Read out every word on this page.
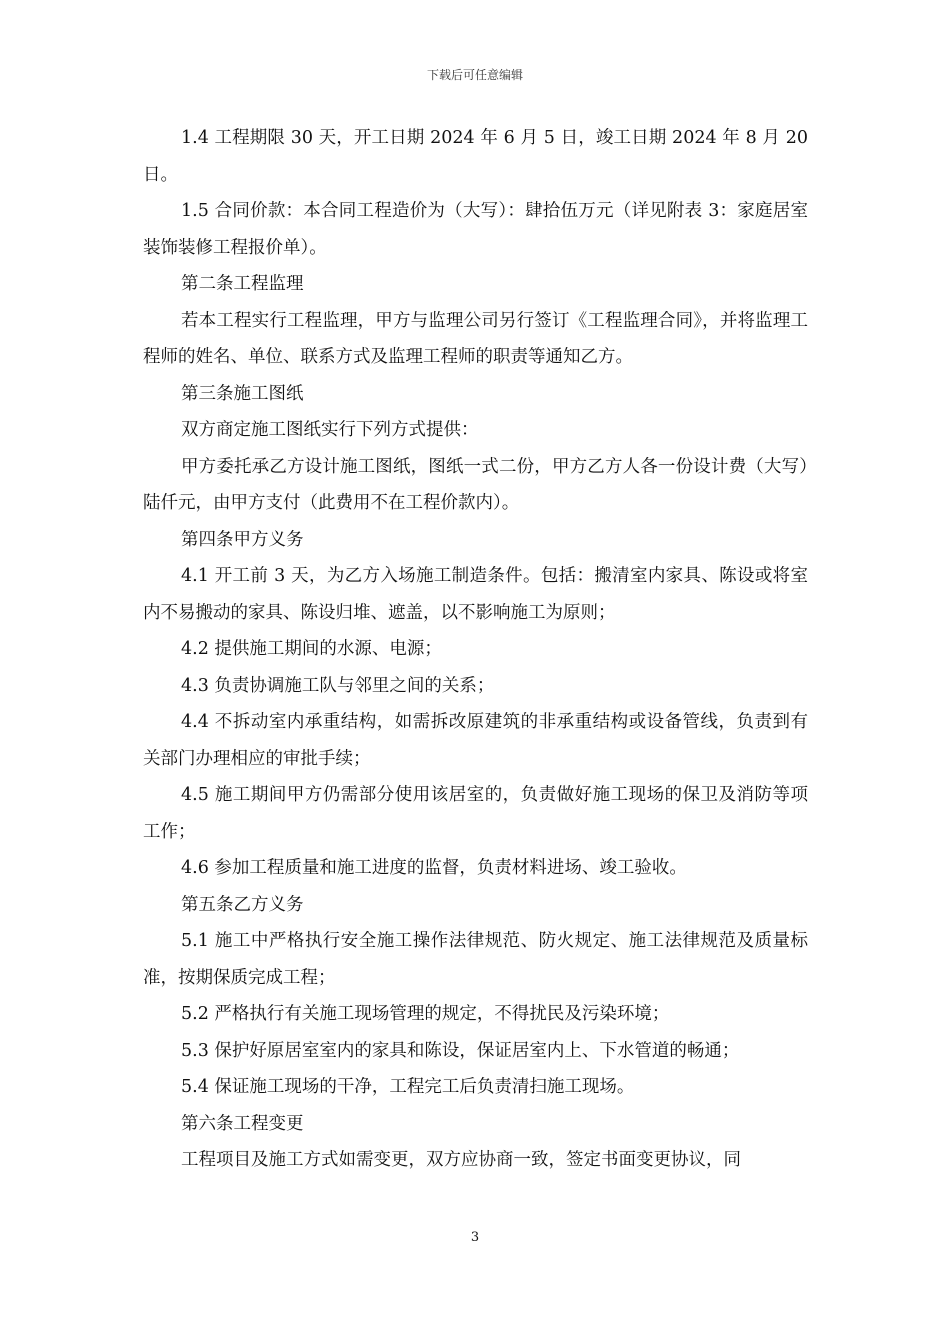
下载后可任意编辑

1.4 工程期限 30 天，开工日期 2024 年 6 月 5 日，竣工日期 2024 年 8 月 20 日。

1.5 合同价款：本合同工程造价为（大写）：肆拾伍万元（详见附表 3：家庭居室装饰装修工程报价单）。

第二条工程监理

若本工程实行工程监理，甲方与监理公司另行签订《工程监理合同》，并将监理工程师的姓名、单位、联系方式及监理工程师的职责等通知乙方。

第三条施工图纸

双方商定施工图纸实行下列方式提供：

甲方委托承乙方设计施工图纸，图纸一式二份，甲方乙方人各一份设计费（大写）陆仟元，由甲方支付（此费用不在工程价款内）。

第四条甲方义务

4.1 开工前 3 天，为乙方入场施工制造条件。包括：搬清室内家具、陈设或将室内不易搬动的家具、陈设归堆、遮盖，以不影响施工为原则；

4.2 提供施工期间的水源、电源；

4.3 负责协调施工队与邻里之间的关系；

4.4 不拆动室内承重结构，如需拆改原建筑的非承重结构或设备管线，负责到有关部门办理相应的审批手续；

4.5 施工期间甲方仍需部分使用该居室的，负责做好施工现场的保卫及消防等项工作；

4.6 参加工程质量和施工进度的监督，负责材料进场、竣工验收。

第五条乙方义务

5.1 施工中严格执行安全施工操作法律规范、防火规定、施工法律规范及质量标准，按期保质完成工程；

5.2 严格执行有关施工现场管理的规定，不得扰民及污染环境；

5.3 保护好原居室室内的家具和陈设，保证居室内上、下水管道的畅通；

5.4 保证施工现场的干净，工程完工后负责清扫施工现场。

第六条工程变更

工程项目及施工方式如需变更，双方应协商一致，签定书面变更协议，同

3
